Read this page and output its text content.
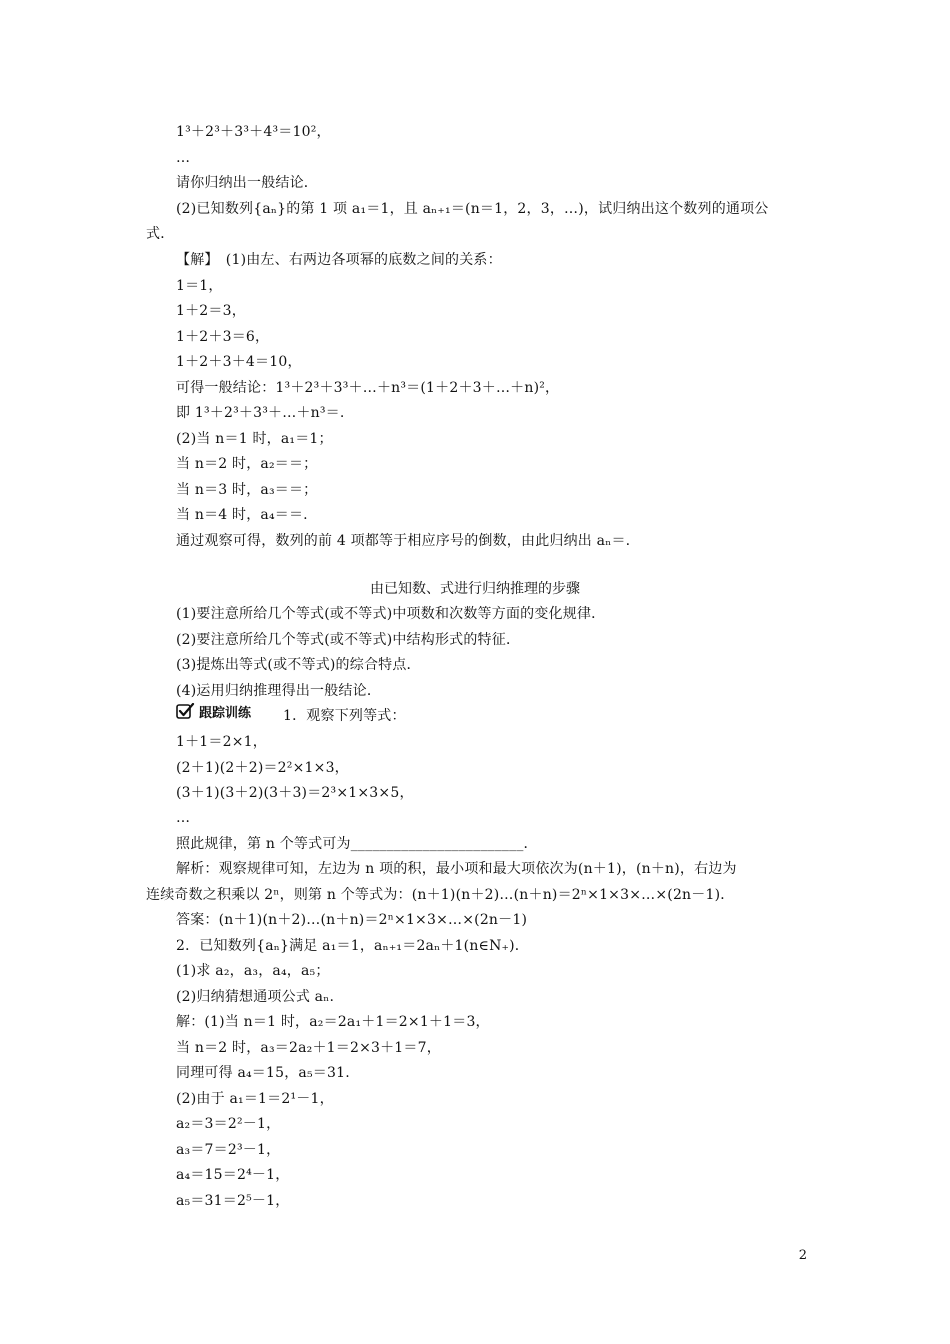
1³＋2³＋3³＋4³＝10²，
…
请你归纳出一般结论．
(2)已知数列{aₙ}的第 1 项 a₁＝1，且 aₙ₊₁＝(n＝1，2，3，…)，试归纳出这个数列的通项公
式．
【解】　(1)由左、右两边各项幂的底数之间的关系：
1＝1，
1＋2＝3，
1＋2＋3＝6，
1＋2＋3＋4＝10，
可得一般结论：1³＋2³＋3³＋…＋n³＝(1＋2＋3＋…＋n)²，
即 1³＋2³＋3³＋…＋n³＝.
(2)当 n＝1 时，a₁＝1；
当 n＝2 时，a₂＝＝；
当 n＝3 时，a₃＝＝；
当 n＝4 时，a₄＝＝.
通过观察可得，数列的前 4 项都等于相应序号的倒数，由此归纳出 aₙ＝.
由已知数、式进行归纳推理的步骤
(1)要注意所给几个等式(或不等式)中项数和次数等方面的变化规律．
(2)要注意所给几个等式(或不等式)中结构形式的特征．
(3)提炼出等式(或不等式)的综合特点．
(4)运用归纳推理得出一般结论．
跟踪训练 1．观察下列等式：
1＋1＝2×1，
(2＋1)(2＋2)＝2²×1×3，
(3＋1)(3＋2)(3＋3)＝2³×1×3×5，
…
照此规律，第 n 个等式可为________________________．
解析：观察规律可知，左边为 n 项的积，最小项和最大项依次为(n＋1)，(n＋n)，右边为
连续奇数之积乘以 2ⁿ，则第 n 个等式为：(n＋1)(n＋2)…(n＋n)＝2ⁿ×1×3×…×(2n－1)．
答案：(n＋1)(n＋2)…(n＋n)＝2ⁿ×1×3×…×(2n－1)
2．已知数列{aₙ}满足 a₁＝1，aₙ₊₁＝2aₙ＋1(n∈N₊)．
(1)求 a₂，a₃，a₄，a₅；
(2)归纳猜想通项公式 aₙ.
解：(1)当 n＝1 时，a₂＝2a₁＋1＝2×1＋1＝3，
当 n＝2 时，a₃＝2a₂＋1＝2×3＋1＝7，
同理可得 a₄＝15，a₅＝31.
(2)由于 a₁＝1＝2¹－1，
a₂＝3＝2²－1，
a₃＝7＝2³－1，
a₄＝15＝2⁴－1，
a₅＝31＝2⁵－1，
2
